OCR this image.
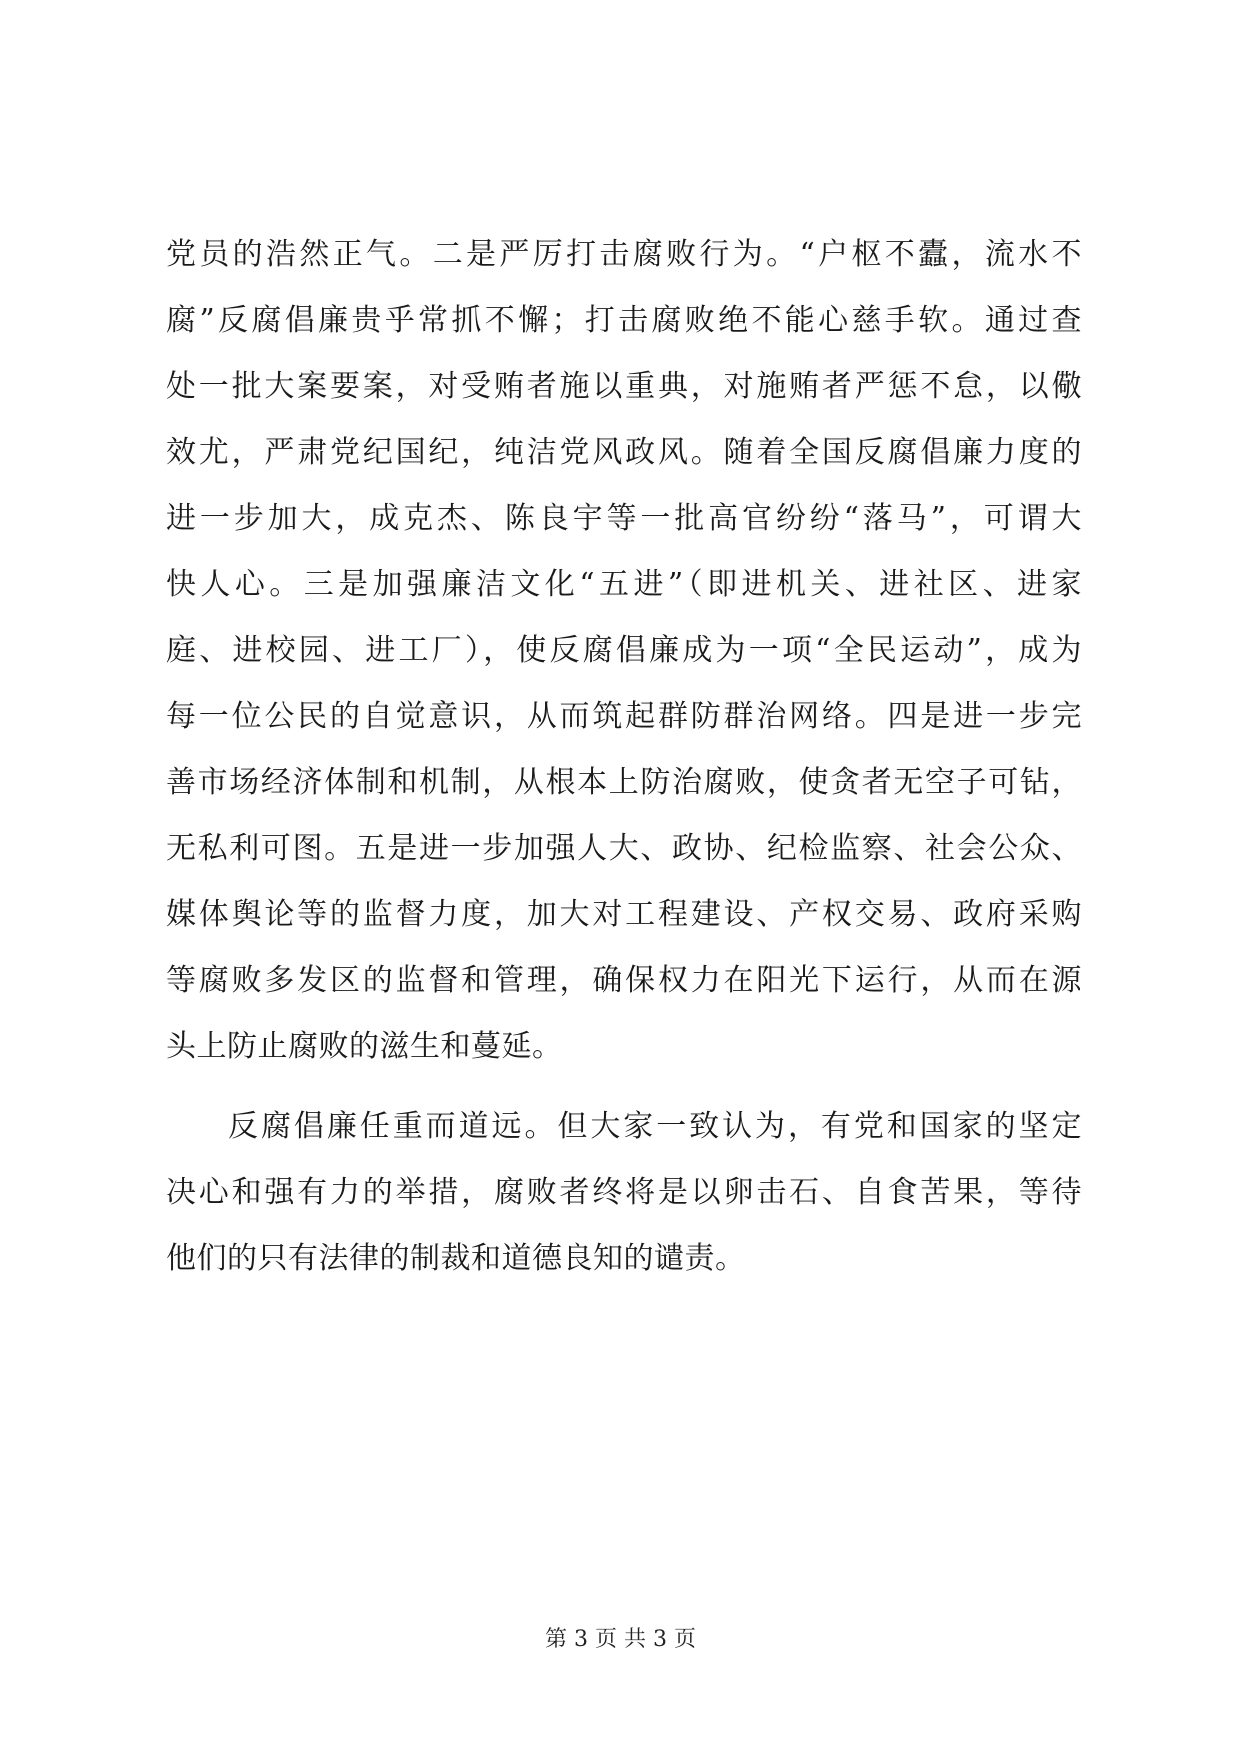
党员的浩然正气。二是严厉打击腐败行为。“户枢不蠹，流水不
腐”反腐倡廉贵乎常抓不懈；打击腐败绝不能心慈手软。通过查
处一批大案要案，对受贿者施以重典，对施贿者严惩不怠，以儆
效尤，严肃党纪国纪，纯洁党风政风。随着全国反腐倡廉力度的
进一步加大，成克杰、陈良宇等一批高官纷纷“落马”，可谓大
快人心。三是加强廉洁文化“五进”（即进机关、进社区、进家
庭、进校园、进工厂），使反腐倡廉成为一项“全民运动”，成为
每一位公民的自觉意识，从而筑起群防群治网络。四是进一步完
善市场经济体制和机制，从根本上防治腐败，使贪者无空子可钻，
无私利可图。五是进一步加强人大、政协、纪检监察、社会公众、
媒体舆论等的监督力度，加大对工程建设、产权交易、政府采购
等腐败多发区的监督和管理，确保权力在阳光下运行，从而在源
头上防止腐败的滋生和蔓延。
反腐倡廉任重而道远。但大家一致认为，有党和国家的坚定
决心和强有力的举措，腐败者终将是以卵击石、自食苦果，等待
他们的只有法律的制裁和道德良知的谴责。
第 3 页 共 3 页
